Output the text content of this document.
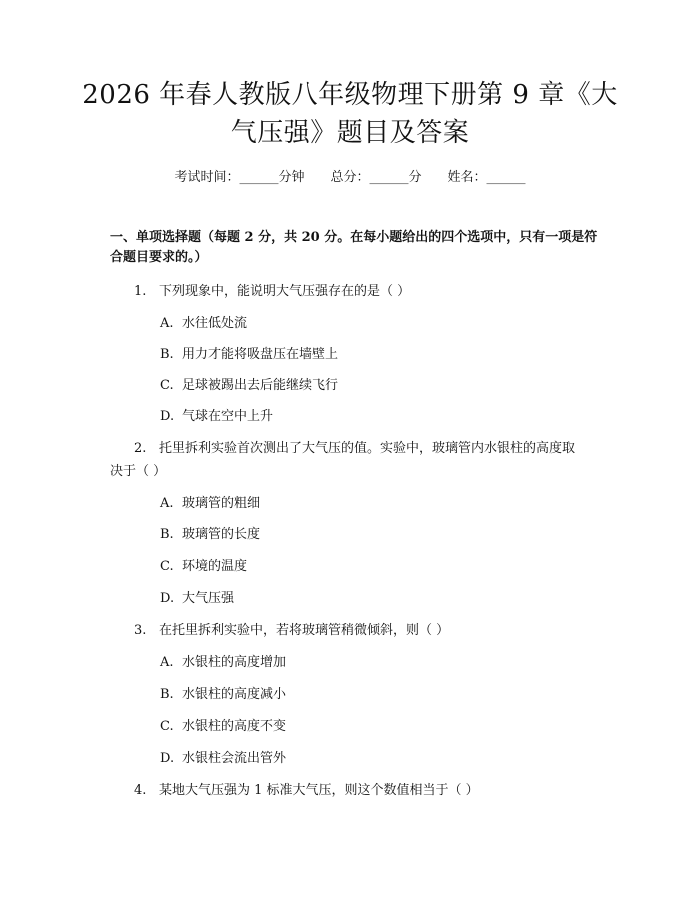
2026 年春人教版八年级物理下册第 9 章《大
气压强》题目及答案
考试时间：______分钟 总分：______分 姓名：______
一、单项选择题（每题 2 分，共 20 分。在每小题给出的四个选项中，只有一项是符合题目要求的。）
1. 下列现象中，能说明大气压强存在的是（ ）
A. 水往低处流
B. 用力才能将吸盘压在墙壁上
C. 足球被踢出去后能继续飞行
D. 气球在空中上升
2. 托里拆利实验首次测出了大气压的值。实验中，玻璃管内水银柱的高度取
决于（ ）
A. 玻璃管的粗细
B. 玻璃管的长度
C. 环境的温度
D. 大气压强
3. 在托里拆利实验中，若将玻璃管稍微倾斜，则（ ）
A. 水银柱的高度增加
B. 水银柱的高度减小
C. 水银柱的高度不变
D. 水银柱会流出管外
4. 某地大气压强为 1 标准大气压，则这个数值相当于（ ）
